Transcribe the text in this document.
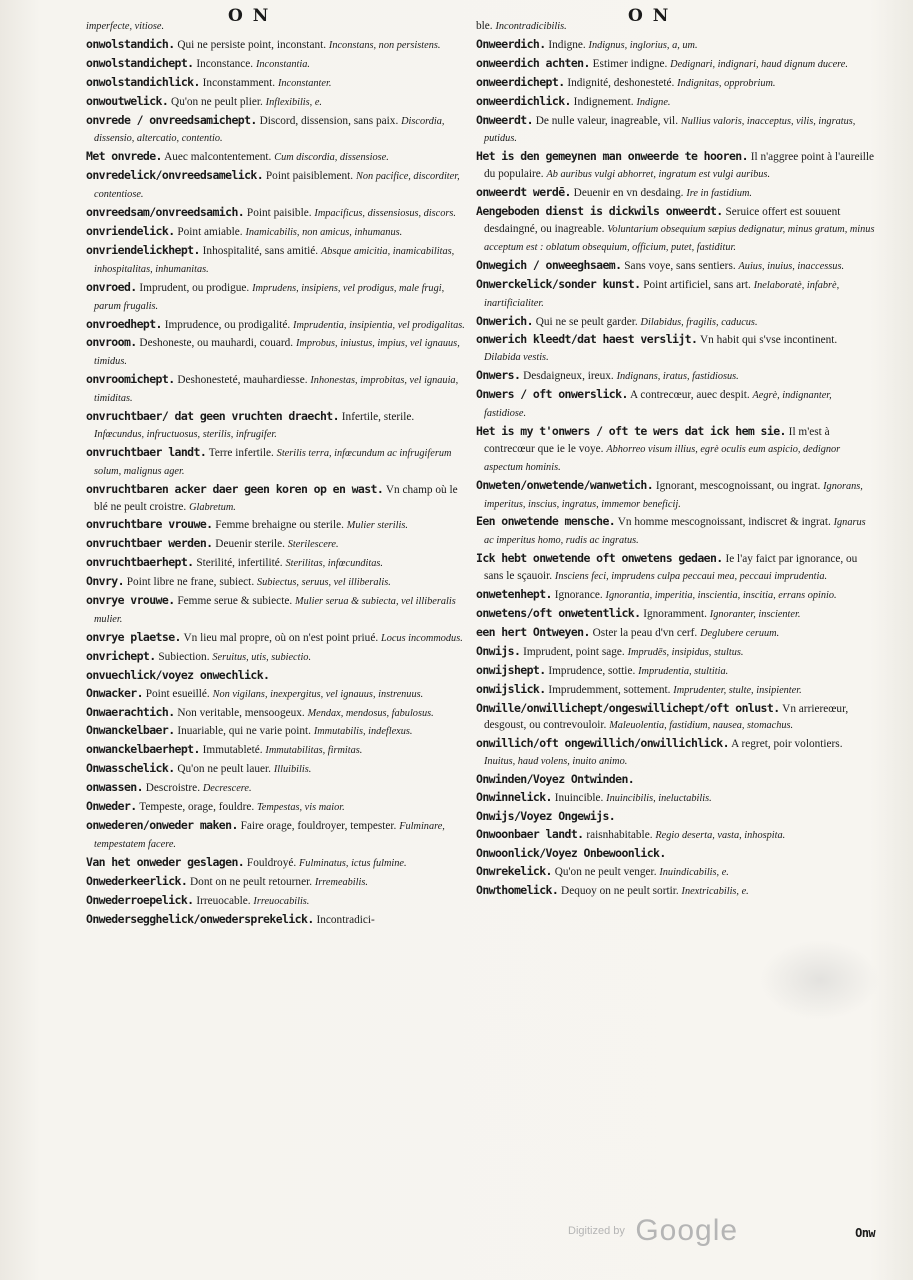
O N	O N

imperfecte, vitiose.

onwolstandich. Qui ne persiste point, inconstant. Inconstans, non persistens.

onwolstandichept. Inconstance. Inconstantia.

onwolstandichlick. Inconstamment. Inconstanter.

onwoutwelick. Qu'on ne peult plier. Inflexibilis, e.

onvrede / onvreedsamichept. Discord, dissension, sans paix. Discordia, dissensio, altercatio, contentio.

Met onvrede. Auec malcontentement. Cum discordia, dissensiose.

onvredelick/onvreedsamelick. Point paisiblement. Non pacifice, discorditer, contentiose.

onvreedsam/onvreedsamich. Point paisible. Impacificus, dissensiosus, discors.

onvriendelick. Point amiable. Inamicabilis, non amicus, inhumanus.

onvriendelickhept. Inhospitalité, sans amitié. Absque amicitia, inamicabilitas, inhospitalitas, inhumanitas.

onvroed. Imprudent, ou prodigue. Imprudens, insipiens, vel prodigus, male frugi, parum frugalis.

onvroedhept. Imprudence, ou prodigalité. Imprudentia, insipientia, vel prodigalitas.

onvroom. Deshoneste, ou mauhardi, couard. Improbus, iniustus, impius, vel ignauus, timidus.

onvroomichept. Deshonesteté, mauhardiesse. Inhonestas, improbitas, vel ignauia, timiditas.

onvruchtbaer/ dat geen vruchten draecht. Infertile, sterile. Infœcundus, infructuosus, sterilis, infrugifer.

onvruchtbaer landt. Terre infertile. Sterilis terra, infœcundum ac infrugiferum solum, malignus ager.

onvruchtbaren acker daer geen koren op en wast. Vn champ où le blé ne peult croistre. Glabretum.

onvruchtbare vrouwe. Femme brehaigne ou sterile. Mulier sterilis.

onvruchtbaer werden. Deuenir sterile. Sterilescere.

onvruchtbaerhept. Sterilité, infertilité. Sterilitas, infœcunditas.

Onvry. Point libre ne frane, subiect. Subiectus, seruus, vel illiberalis.

onvrye vrouwe. Femme serue & subiecte. Mulier serua & subiecta, vel illiberalis mulier.

onvrye plaetse. Vn lieu mal propre, où on n'est point priué. Locus incommodus.

onvrichept. Subiection. Seruitus, utis, subiectio.

onvuechlick/voyez onwechlick.

Onwacker. Point esueillé. Non vigilans, inexpergitus, vel ignauus, instrenuus.

Onwaerachtich. Non veritable, mensoogeux. Mendax, mendosus, fabulosus.

Onwanckelbaer. Inuariable, qui ne varie point. Immutabilis, indeflexus.

onwanckelbaerhept. Immutableté. Immutabilitas, firmitas.

Onwasschelick. Qu'on ne peult lauer. Illuibilis.

onwassen. Descroistre. Decrescere.

Onweder. Tempeste, orage, fouldre. Tempestas, vis maior.

onwederen/onweder maken. Faire orage, fouldroyer, tempester. Fulminare, tempestatem facere.

Van het onweder geslagen. Fouldroyé. Fulminatus, ictus fulmine.

Onwederkeerlick. Dont on ne peult retourner. Irremeabilis.

Onwederroepelick. Irreuocable. Irreuocabilis.

Onwedersegghelick/onwedersprekelick. Incontradici-

ble. Incontradicibilis.

Onweerdich. Indigne. Indignus, inglorius, a, um.

onweerdich achten. Estimer indigne. Dedignari, indignari, haud dignum ducere.

onweerdichept. Indignité, deshonesteté. Indignitas, opprobrium.

onweerdichlick. Indignement. Indigne.

Onweerdt. De nulle valeur, inagreable, vil. Nullius valoris, inacceptus, vilis, ingratus, putidus.

Het is den gemeynen man onweerde te hooren. Il n'aggree point à l'aureille du populaire. Ab auribus vulgi abhorret, ingratum est vulgi auribus.

onweerdt werdē. Deuenir en vn desdaing. Ire in fastidium.

Aengeboden dienst is dickwils onweerdt. Seruice offert est souuent desdaingné, ou inagreable. Voluntarium obsequium sæpius dedignatur, minus gratum, minus acceptum est : oblatum obsequium, officium, putet, fastiditur.

Onwegich / onweeghsaem. Sans voye, sans sentiers. Auius, inuius, inaccessus.

Onwerckelick/sonder kunst. Point artificiel, sans art. Inelaboratè, infabrè, inartificialiter.

Onwerich. Qui ne se peult garder. Dilabidus, fragilis, caducus.

onwerich kleedt/dat haest verslijt. Vn habit qui s'vse incontinent. Dilabida vestis.

Onwers. Desdaigneux, ireux. Indignans, iratus, fastidiosus.

Onwers / oft onwerslick. A contrecœur, auec despit. Aegrè, indignanter, fastidiose.

Het is my t'onwers / oft te wers dat ick hem sie. Il m'est à contrecœur que ie le voye. Abhorreo visum illius, egrè oculis eum aspicio, dedignor aspectum hominis.

Onweten/onwetende/wanwetich. Ignorant, mescognoissant, ou ingrat. Ignorans, imperitus, inscius, ingratus, immemor beneficij.

Een onwetende mensche. Vn homme mescognoissant, indiscret & ingrat. Ignarus ac imperitus homo, rudis ac ingratus.

Ick hebt onwetende oft onwetens gedaen. Ie l'ay faict par ignorance, ou sans le sçauoir. Insciens feci, imprudens culpa peccaui mea, peccaui imprudentia.

onwetenhept. Ignorance. Ignorantia, imperitia, inscientia, inscitia, errans opinio.

onwetens/oft onwetentlick. Ignoramment. Ignoranter, inscienter.

een hert Ontweyen. Oster la peau d'vn cerf. Deglubere ceruum.

Onwijs. Imprudent, point sage. Imprudēs, insipidus, stultus.

onwijshept. Imprudence, sottie. Imprudentia, stultitia.

onwijslick. Imprudemment, sottement. Imprudenter, stulte, insipienter.

Onwille/onwillichept/ongeswillichept/oft onlust. Vn arriereœur, desgoust, ou contrevouloir. Maleuolentia, fastidium, nausea, stomachus.

onwillich/oft ongewillich/onwillichlick. A regret, poir volontiers. Inuitus, haud volens, inuito animo.

Onwinden/Voyez Ontwinden.

Onwinnelick. Inuincible. Inuincibilis, ineluctabilis.

Onwijs/Voyez Ongewijs.

Onwoonbaer landt. raisnhabitable. Regio deserta, vasta, inhospita.

Onwoonlick/Voyez Onbewoonlick.

Onwrekelick. Qu'on ne peult venger. Inuindicabilis, e.

Onwthomelick. Dequoy on ne peult sortir. Inextricabilis, e.

Onw
Digitized by Google
